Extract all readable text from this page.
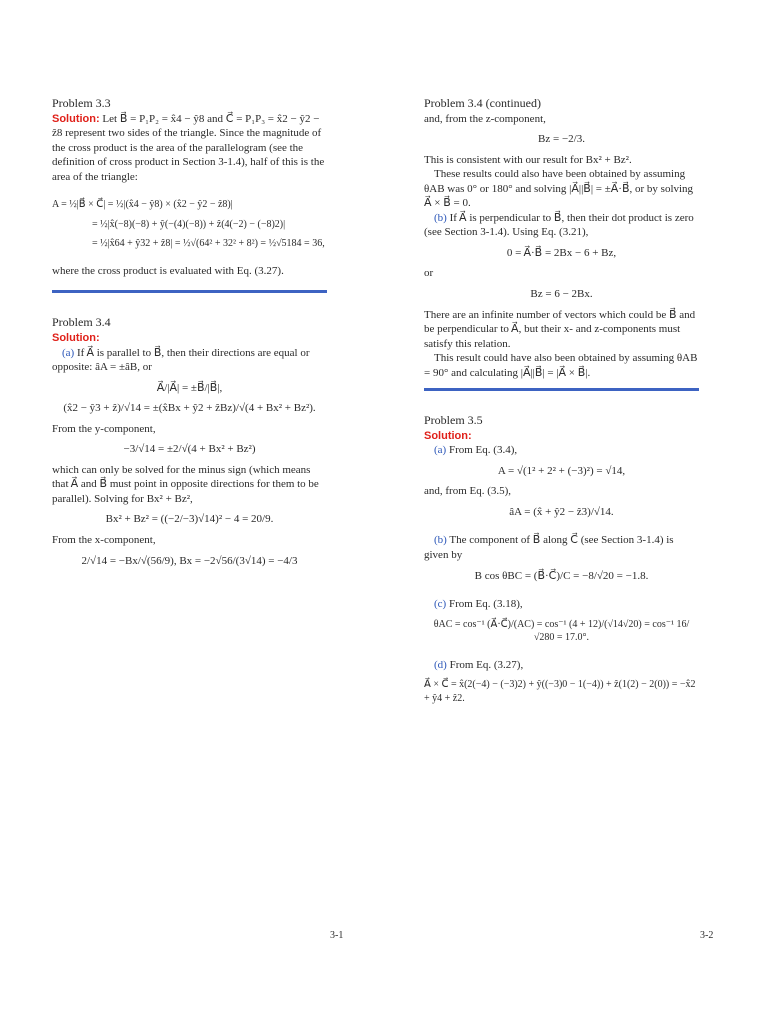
Problem 3.3

Solution: Let B⃗ = P₁P₂ = x̂4 − ŷ8 and C⃗ = P₁P₃ = x̂2 − ŷ2 − ẑ8 represent two sides of the triangle. Since the magnitude of the cross product is the area of the parallelogram (see the definition of cross product in Section 3-1.4), half of this is the area of the triangle:

A = ½|B⃗ × C⃗| = ½|(x̂4 − ŷ8) × (x̂2 − ŷ2 − ẑ8)|

= ½|x̂(−8)(−8) + ŷ(−(4)(−8)) + ẑ(4(−2) − (−8)2)|

= ½|x̂64 + ŷ32 + ẑ8| = ½√(64² + 32² + 8²) = ½√5184 = 36,

where the cross product is evaluated with Eq. (3.27).

Problem 3.4

Solution:

(a) If A⃗ is parallel to B⃗, then their directions are equal or opposite: âA = ±âB, or

A⃗/|A⃗| = ±B⃗/|B⃗|,

(x̂2 − ŷ3 + ẑ)/√14 = ±(x̂Bx + ŷ2 + ẑBz)/√(4 + Bx² + Bz²).

From the y-component,

−3/√14 = ±2/√(4 + Bx² + Bz²)

which can only be solved for the minus sign (which means that A⃗ and B⃗ must point in opposite directions for them to be parallel). Solving for Bx² + Bz²,

Bx² + Bz² = ((−2/−3)√14)² − 4 = 20/9.

From the x-component,

2/√14 = −Bx/√(56/9), Bx = −2√56/(3√14) = −4/3

Problem 3.4 (continued)

and, from the z-component,

Bz = −2/3.

This is consistent with our result for Bx² + Bz².

These results could also have been obtained by assuming θAB was 0° or 180° and solving |A⃗||B⃗| = ±A⃗·B⃗, or by solving A⃗ × B⃗ = 0.

(b) If A⃗ is perpendicular to B⃗, then their dot product is zero (see Section 3-1.4). Using Eq. (3.21),

0 = A⃗·B⃗ = 2Bx − 6 + Bz,

or

Bz = 6 − 2Bx.

There are an infinite number of vectors which could be B⃗ and be perpendicular to A⃗, but their x- and z-components must satisfy this relation.

This result could have also been obtained by assuming θAB = 90° and calculating |A⃗||B⃗| = |A⃗ × B⃗|.

Problem 3.5

Solution:

(a) From Eq. (3.4),

A = √(1² + 2² + (−3)²) = √14,

and, from Eq. (3.5),

âA = (x̂ + ŷ2 − ẑ3)/√14.

(b) The component of B⃗ along C⃗ (see Section 3-1.4) is given by

B cos θBC = (B⃗·C⃗)/C = −8/√20 = −1.8.

(c) From Eq. (3.18),

θAC = cos⁻¹ (A⃗·C⃗)/(AC) = cos⁻¹ (4 + 12)/(√14√20) = cos⁻¹ 16/√280 = 17.0°.

(d) From Eq. (3.27),

A⃗ × C⃗ = x̂(2(−4) − (−3)2) + ŷ((−3)0 − 1(−4)) + ẑ(1(2) − 2(0)) = −x̂2 + ŷ4 + ẑ2.

3-1	3-2
